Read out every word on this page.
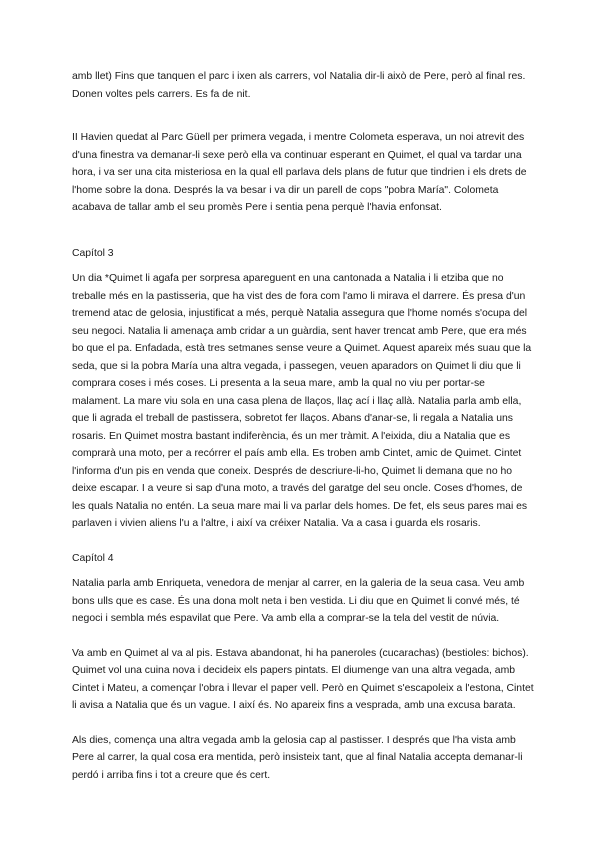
amb llet) Fins que tanquen el parc i ixen als carrers, vol Natalia dir-li això de Pere, però al final res. Donen voltes pels carrers. Es fa de nit.

II Havien quedat al Parc Güell per primera vegada, i mentre Colometa esperava, un noi atrevit des d'una finestra va demanar-li sexe però ella va continuar esperant en Quimet, el qual va tardar una hora, i va ser una cita misteriosa en la qual ell parlava dels plans de futur que tindrien i els drets de l'home sobre la dona. Després la va besar i va dir un parell de cops "pobra María". Colometa acabava de tallar amb el seu promès Pere i sentia pena perquè l'havia enfonsat.

Capítol 3

Un dia *Quimet li agafa per sorpresa apareguent en una cantonada a Natalia i li etziba que no treballe més en la pastisseria, que ha vist des de fora com l'amo li mirava el darrere. És presa d'un tremend atac de gelosia, injustificat a més, perquè Natalia assegura que l'home només s'ocupa del seu negoci. Natalia li amenaça amb cridar a un guàrdia, sent haver trencat amb Pere, que era més bo que el pa. Enfadada, està tres setmanes sense veure a Quimet. Aquest apareix més suau que la seda, que si la pobra María una altra vegada, i passegen, veuen aparadors on Quimet li diu que li comprara coses i més coses. Li presenta a la seua mare, amb la qual no viu per portar-se malament. La mare viu sola en una casa plena de llaços, llaç ací i llaç allà. Natalia parla amb ella, que li agrada el treball de pastissera, sobretot fer llaços. Abans d'anar-se, li regala a Natalia uns rosaris. En Quimet mostra bastant indiferència, és un mer tràmit. A l'eixida, diu a Natalia que es comprarà una moto, per a recórrer el país amb ella. Es troben amb Cintet, amic de Quimet. Cintet l'informa d'un pis en venda que coneix. Després de descriure-li-ho, Quimet li demana que no ho deixe escapar. I a veure si sap d'una moto, a través del garatge del seu oncle. Coses d'homes, de les quals Natalia no entén. La seua mare mai li va parlar dels homes. De fet, els seus pares mai es parlaven i vivien aliens l'u a l'altre, i així va créixer Natalia. Va a casa i guarda els rosaris.

Capítol 4

Natalia parla amb Enriqueta, venedora de menjar al carrer, en la galeria de la seua casa. Veu amb bons ulls que es case. És una dona molt neta i ben vestida. Li diu que en Quimet li convé més, té negoci i sembla més espavilat que Pere. Va amb ella a comprar-se la tela del vestit de núvia.

Va amb en Quimet al va al pis. Estava abandonat, hi ha paneroles (cucarachas) (bestioles: bichos). Quimet vol una cuina nova i decideix els papers pintats. El diumenge van una altra vegada, amb Cintet i Mateu, a començar l'obra i llevar el paper vell. Però en Quimet s'escapoleix a l'estona, Cintet li avisa a Natalia que és un vague. I així és. No apareix fins a vesprada, amb una excusa barata.

Als dies, comença una altra vegada amb la gelosia cap al pastisser. I després que l'ha vista amb Pere al carrer, la qual cosa era mentida, però insisteix tant, que al final Natalia accepta demanar-li perdó i arriba fins i tot a creure que és cert.
